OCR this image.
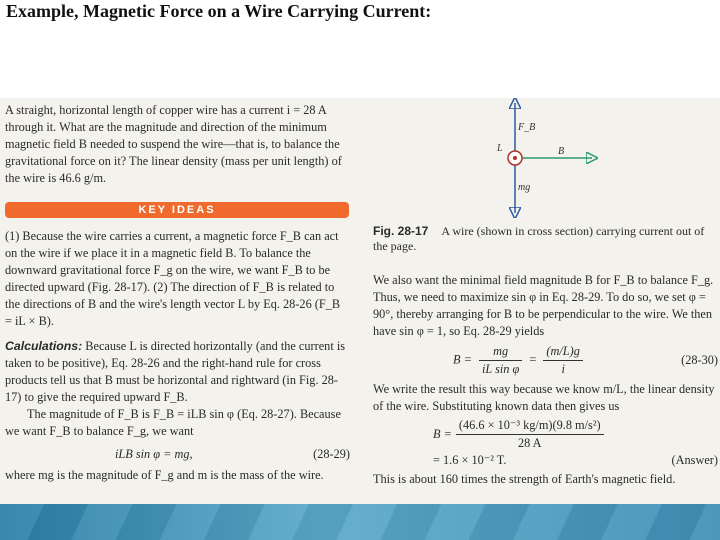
Example, Magnetic Force on a Wire Carrying Current:

A straight, horizontal length of copper wire has a current i = 28 A through it. What are the magnitude and direction of the minimum magnetic field B needed to suspend the wire—that is, to balance the gravitational force on it? The linear density (mass per unit length) of the wire is 46.6 g/m.

KEY IDEAS

(1) Because the wire carries a current, a magnetic force F_B can act on the wire if we place it in a magnetic field B. To balance the downward gravitational force F_g on the wire, we want F_B to be directed upward (Fig. 28-17). (2) The direction of F_B is related to the directions of B and the wire's length vector L by Eq. 28-26 (F_B = iL × B).

Calculations: Because L is directed horizontally (and the current is taken to be positive), Eq. 28-26 and the right-hand rule for cross products tell us that B must be horizontal and rightward (in Fig. 28-17) to give the required upward F_B.

The magnitude of F_B is F_B = iLB sin φ (Eq. 28-27). Because we want F_B to balance F_g, we want

iLB sin φ = mg,	(28-29)

where mg is the magnitude of F_g and m is the mass of the wire.

F_B
L	B
mg
Fig. 28-17 A wire (shown in cross section) carrying current out of the page.

We also want the minimal field magnitude B for F_B to balance F_g. Thus, we need to maximize sin φ in Eq. 28-29. To do so, we set φ = 90°, thereby arranging for B to be perpendicular to the wire. We then have sin φ = 1, so Eq. 28-29 yields

$B = \frac{mg}{\text{iL sin φ}} = \frac{(m/L)g}{i}$	(28-30)

We write the result this way because we know m/L, the linear density of the wire. Substituting known data then gives us

$B = \frac{\text{(46.6 × 10⁻³ kg/m)(9.8 m/s²)}}{28 A}$
= 1.6 × 10⁻² T.	(Answer)

This is about 160 times the strength of Earth's magnetic field.
